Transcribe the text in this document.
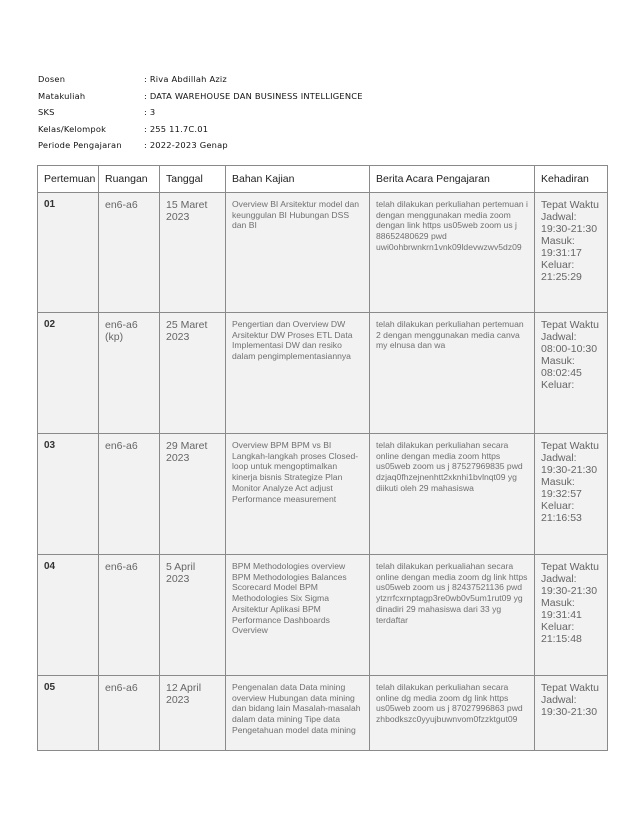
Dosen	: Riva Abdillah Aziz
Matakuliah	: DATA WAREHOUSE DAN BUSINESS INTELLIGENCE
SKS	: 3
Kelas/Kelompok	: 255 11.7C.01
Periode Pengajaran	: 2022-2023 Genap
Pertemuan	Ruangan	Tanggal	Bahan Kajian	Berita Acara Pengajaran	Kehadiran
01	en6-a6	15 Maret 2023	Overview BI Arsitektur model dan keunggulan BI Hubungan DSS dan BI	telah dilakukan perkuliahan pertemuan i dengan menggunakan media zoom dengan link https us05web zoom us j 88652480629 pwd uwi0ohbrwnkrn1vnk09ldevwzwv5dz09	Tepat Waktu Jadwal: 19:30-21:30 Masuk: 19:31:17 Keluar: 21:25:29
02	en6-a6 (kp)	25 Maret 2023	Pengertian dan Overview DW Arsitektur DW Proses ETL Data Implementasi DW dan resiko dalam pengimplementasiannya	telah dilakukan perkuliahan pertemuan 2 dengan menggunakan media canva my elnusa dan wa	Tepat Waktu Jadwal: 08:00-10:30 Masuk: 08:02:45 Keluar:
03	en6-a6	29 Maret 2023	Overview BPM BPM vs BI Langkah-langkah proses Closed-loop untuk mengoptimalkan kinerja bisnis Strategize Plan Monitor Analyze Act adjust Performance measurement	telah dilakukan perkuliahan secara online dengan media zoom https us05web zoom us j 87527969835 pwd dzjaq0fhzejnenhtt2xknhi1bvlnqt09 yg diikuti oleh 29 mahasiswa	Tepat Waktu Jadwal: 19:30-21:30 Masuk: 19:32:57 Keluar: 21:16:53
04	en6-a6	5 April 2023	BPM Methodologies overview BPM Methodologies Balances Scorecard Model BPM Methodologies Six Sigma Arsitektur Aplikasi BPM Performance Dashboards Overview	telah dilakukan perkualiahan secara online dengan media zoom dg link https us05web zoom us j 82437521136 pwd ytzrrfcxrnptagp3re0wb0v5um1rut09 yg dinadiri 29 mahasiswa dari 33 yg terdaftar	Tepat Waktu Jadwal: 19:30-21:30 Masuk: 19:31:41 Keluar: 21:15:48
05	en6-a6	12 April 2023	Pengenalan data Data mining overview Hubungan data mining dan bidang lain Masalah-masalah dalam data mining Tipe data Pengetahuan model data mining	telah dilakukan perkuliahan secara online dg media zoom dg link https us05web zoom us j 87027996863 pwd zhbodkszc0yyujbuwnvom0fzzktgut09	Tepat Waktu Jadwal: 19:30-21:30
